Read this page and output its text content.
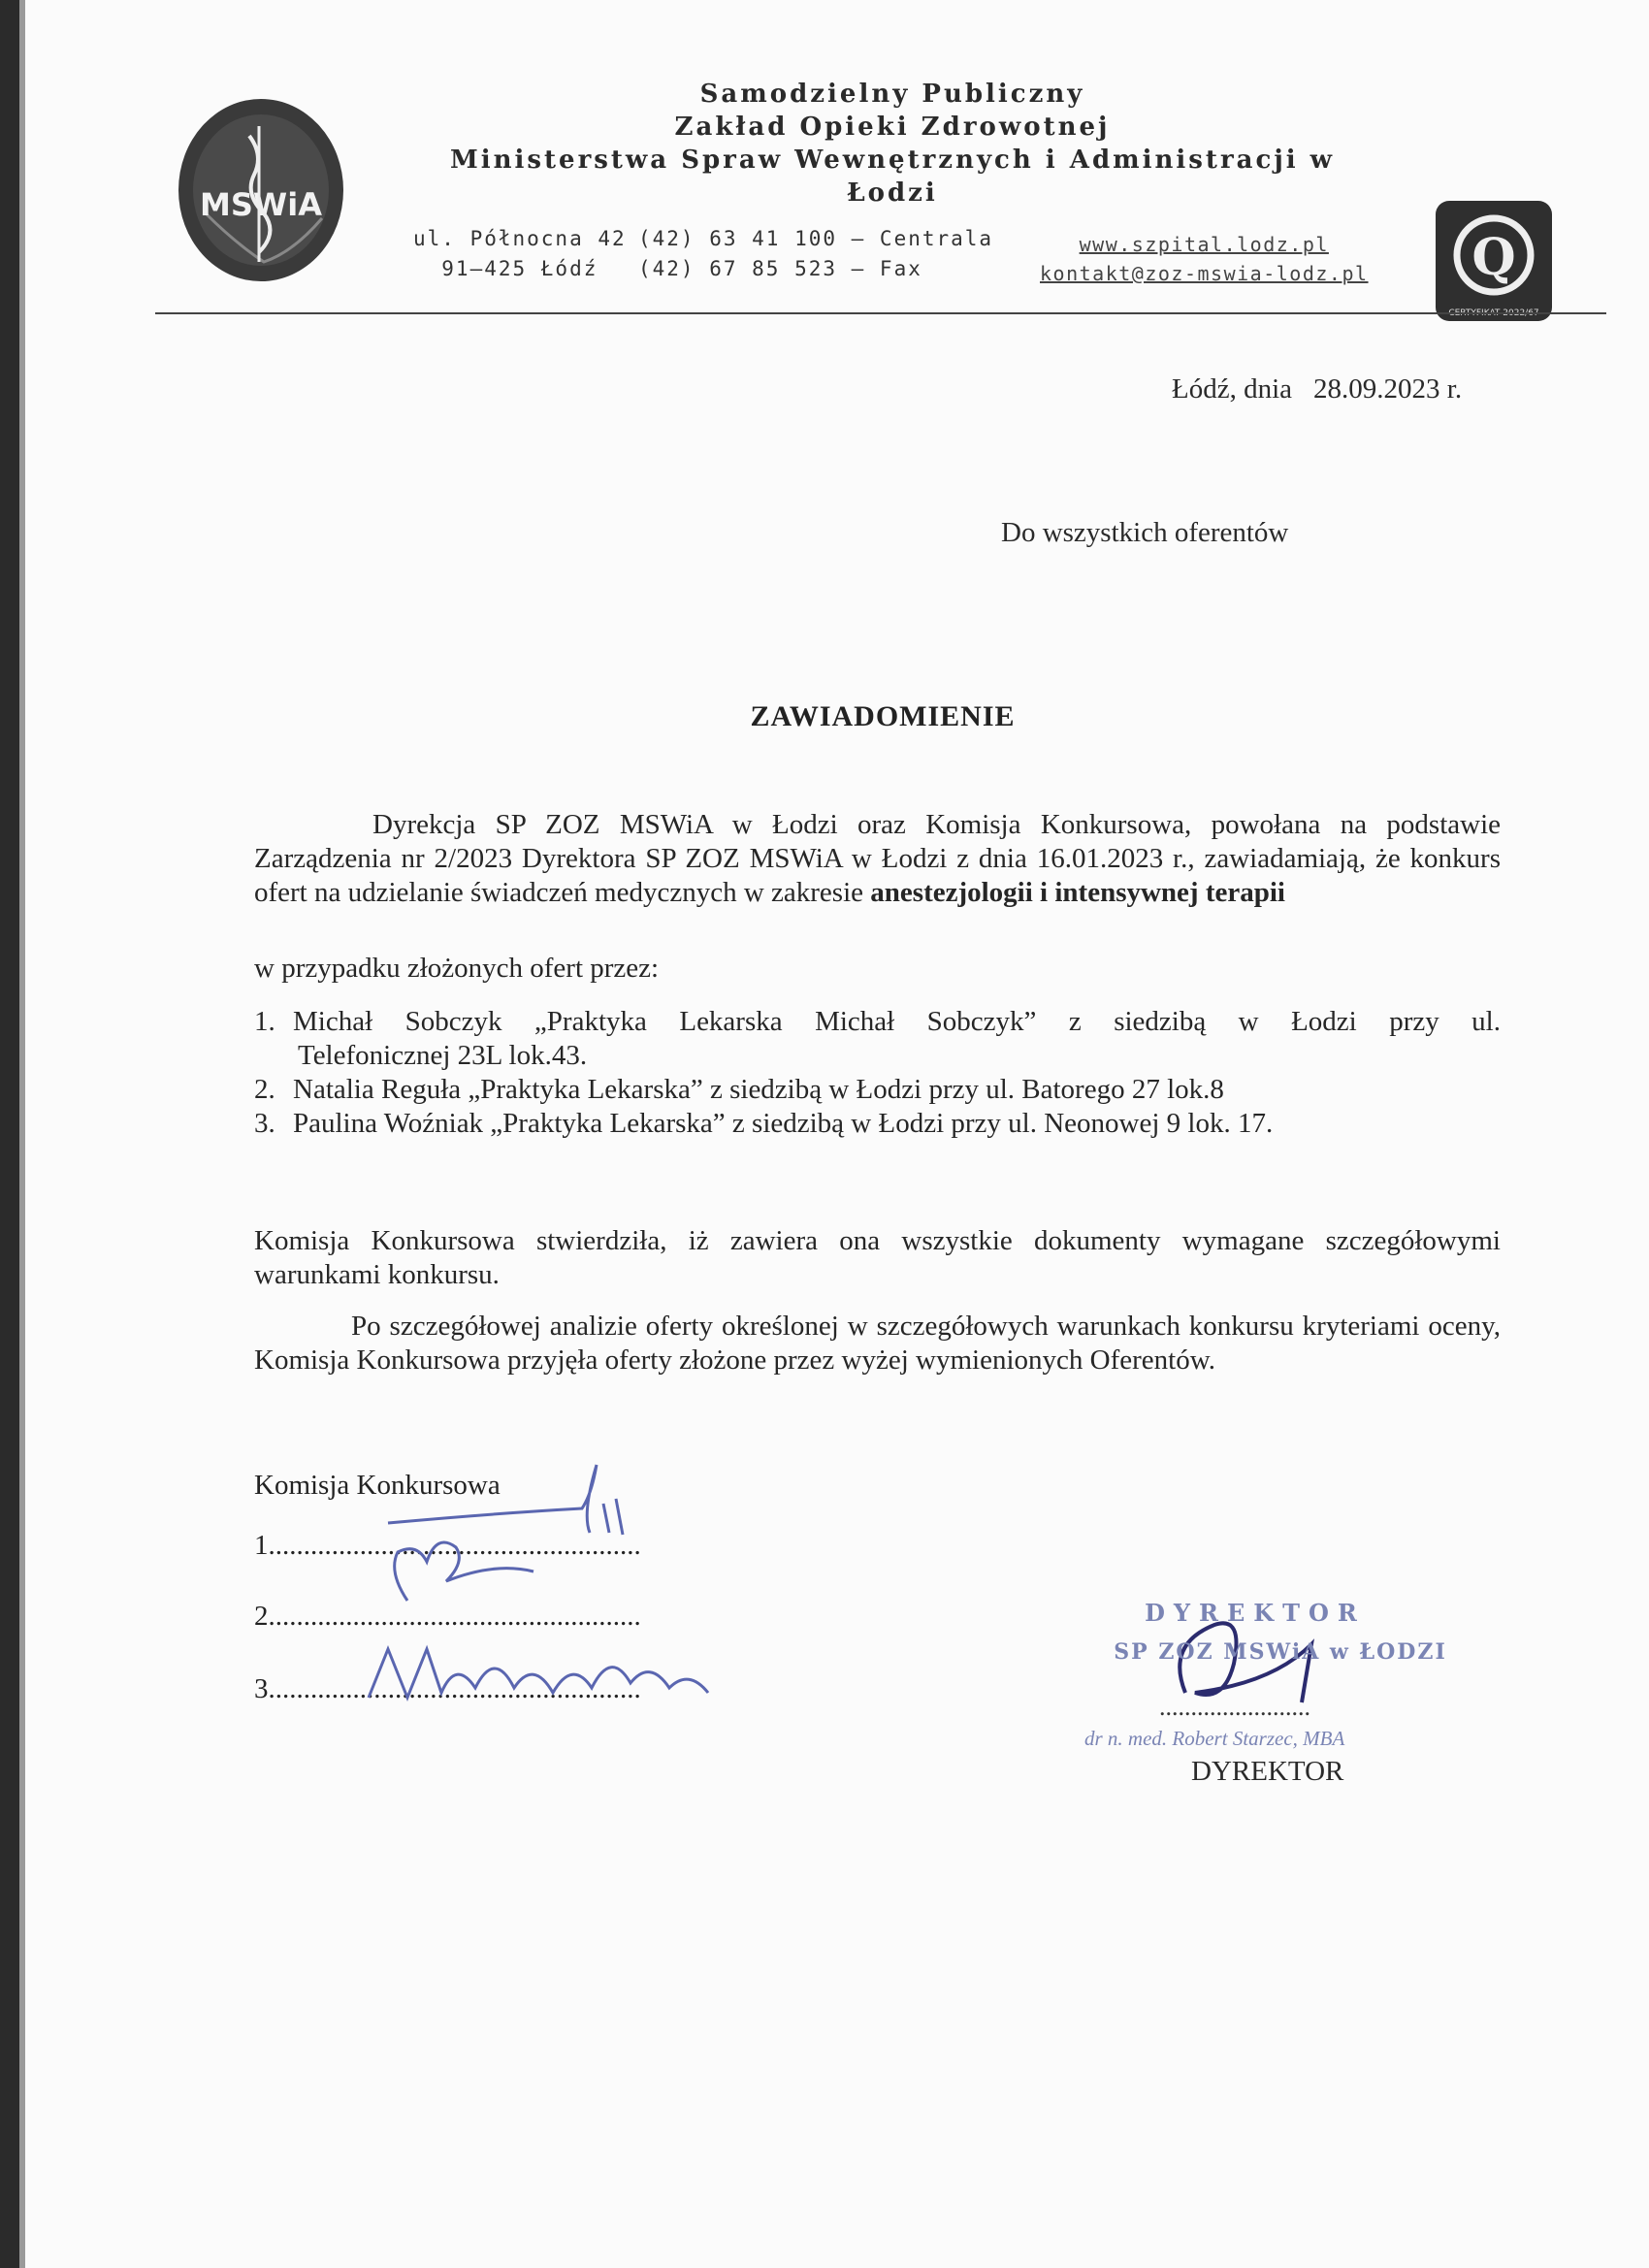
MSWiA
Samodzielny Publiczny
Zakład Opieki Zdrowotnej
Ministerstwa Spraw Wewnętrznych i Administracji w Łodzi
ul. Północna 42
91–425 Łódź
(42) 63 41 100 – Centrala
(42) 67 85 523 – Fax
www.szpital.lodz.pl
kontakt@zoz-mswia-lodz.pl Q
Łódź, dnia 28.09.2023 r.
Do wszystkich oferentów
ZAWIADOMIENIE
Dyrekcja SP ZOZ MSWiA w Łodzi oraz Komisja Konkursowa, powołana na podstawie Zarządzenia nr 2/2023 Dyrektora SP ZOZ MSWiA w Łodzi z dnia 16.01.2023 r., zawiadamiają, że konkurs ofert na udzielanie świadczeń medycznych w zakresie anestezjologii i intensywnej terapii
w przypadku złożonych ofert przez:
1. Michał Sobczyk „Praktyka Lekarska Michał Sobczyk” z siedzibą w Łodzi przy ul.
Telefonicznej 23L lok.43.
2. Natalia Reguła „Praktyka Lekarska” z siedzibą w Łodzi przy ul. Batorego 27 lok.8
3. Paulina Woźniak „Praktyka Lekarska” z siedzibą w Łodzi przy ul. Neonowej 9 lok. 17.
Komisja Konkursowa stwierdziła, iż zawiera ona wszystkie dokumenty wymagane szczegółowymi warunkami konkursu.
Po szczegółowej analizie oferty określonej w szczegółowych warunkach konkursu kryteriami oceny, Komisja Konkursowa przyjęła oferty złożone przez wyżej wymienionych Oferentów.
Komisja Konkursowa
1.....................................................
2.....................................................
3.....................................................
DYREKTOR
SP ZOZ MSWiA w ŁODZI
........................
dr n. med. Robert Starzec, MBA
DYREKTOR
